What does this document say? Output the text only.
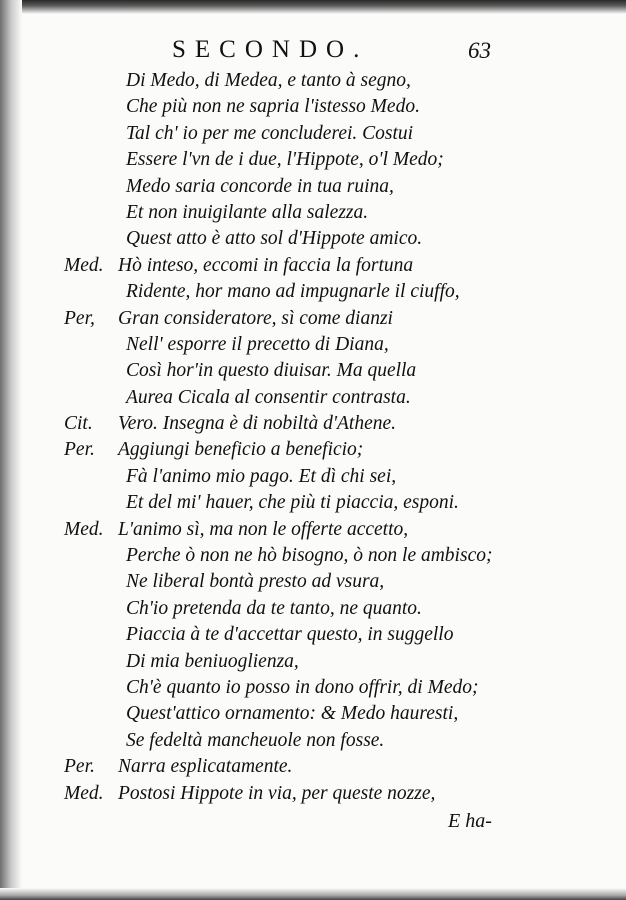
SECONDO.	63
Di Medo, di Medea, e tanto à segno,
Che più non ne sapria l'istesso Medo.
Tal ch' io per me concluderei. Costui
Essere l'vn de i due, l'Hippote, o'l Medo;
Medo saria concorde in tua ruina,
Et non inuigilante alla salezza.
Quest atto è atto sol d'Hippote amico.
Med. Hò inteso, eccomi in faccia la fortuna
Ridente, hor mano ad impugnarle il ciuffo,
Per, Gran consideratore, sì come dianzi
Nell' esporre il precetto di Diana,
Così hor'in questo diuisar. Ma quella
Aurea Cicala al consentir contrasta.
Cit. Vero. Insegna è di nobiltà d'Athene.
Per. Aggiungi beneficio a beneficio;
Fà l'animo mio pago. Et dì chi sei,
Et del mi' hauer, che più ti piaccia, esponi.
Med. L'animo sì, ma non le offerte accetto,
Perche ò non ne hò bisogno, ò non le ambisco;
Ne liberal bontà presto ad vsura,
Ch'io pretenda da te tanto, ne quanto.
Piaccia à te d'accettar questo, in suggello
Di mia beniuoglienza,
Ch'è quanto io posso in dono offrir, di Medo;
Quest'attico ornamento: & Medo hauresti,
Se fedeltà mancheuole non fosse.
Per. Narra esplicatamente.
Med. Postosi Hippote in via, per queste nozze,
E ha-
